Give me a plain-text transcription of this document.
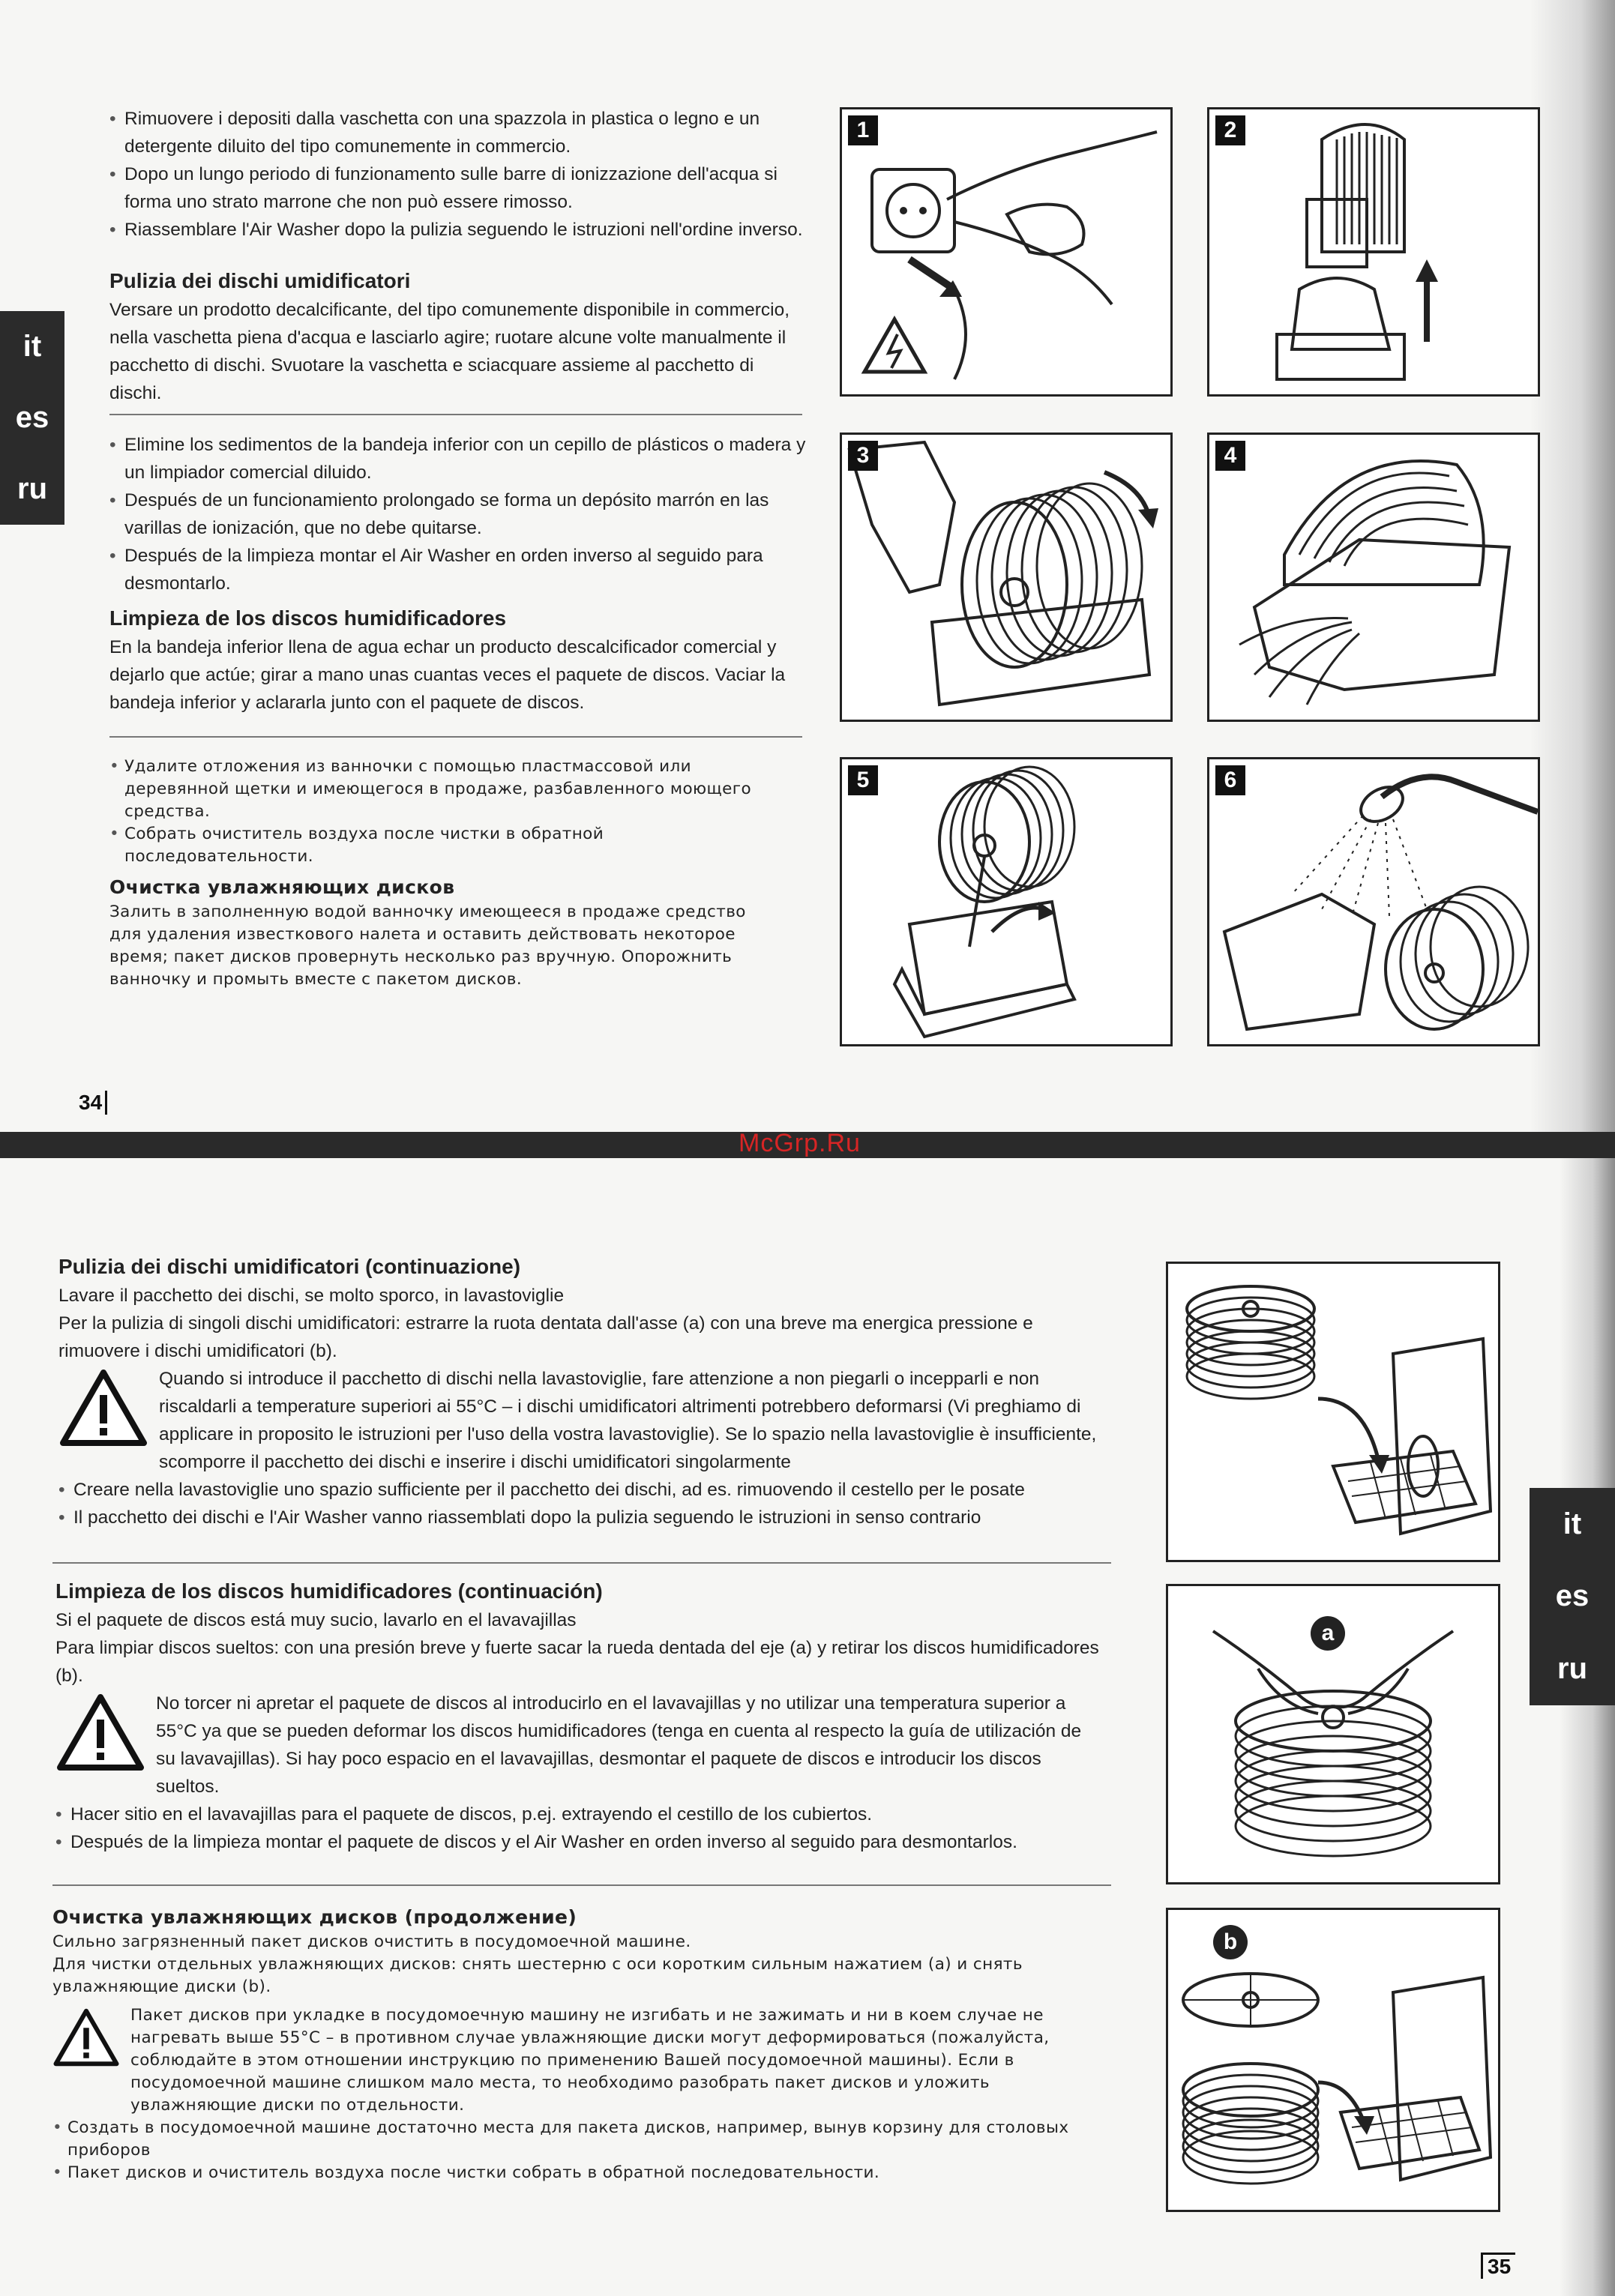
it
es
ru

• Rimuovere i depositi dalla vaschetta con una spazzola in plastica o legno e un detergente diluito del tipo comunemente in commercio.

• Dopo un lungo periodo di funzionamento sulle barre di ionizzazione dell'acqua si forma uno strato marrone che non può essere rimosso.

• Riassemblare l'Air Washer dopo la pulizia seguendo le istruzioni nell'ordine inverso.

Pulizia dei dischi umidificatori

Versare un prodotto decalcificante, del tipo comunemente disponibile in commercio, nella vaschetta piena d'acqua e lasciarlo agire; ruotare alcune volte manualmente il pacchetto di dischi. Svuotare la vaschetta e sciacquare assieme al pacchetto di dischi.

• Elimine los sedimentos de la bandeja inferior con un cepillo de plásticos o madera y un limpiador comercial diluido.

• Después de un funcionamiento prolongado se forma un depósito marrón en las varillas de ionización, que no debe quitarse.

• Después de la limpieza montar el Air Washer en orden inverso al seguido para desmontarlo.

Limpieza de los discos humidificadores

En la bandeja inferior llena de agua echar un producto descalcificador comercial y dejarlo que actúe; girar a mano unas cuantas veces el paquete de discos. Vaciar la bandeja inferior y aclararla junto con el paquete de discos.

• Удалите отложения из ванночки с помощью пластмассовой или деревянной щетки и имеющегося в продаже, разбавленного моющего средства.

• Собрать очиститель воздуха после чистки в обратной последовательности.

Очистка увлажняющих дисков

Залить в заполненную водой ванночку имеющееся в продаже средство для удаления известкового налета и оставить действовать некоторое время; пакет дисков провернуть несколько раз вручную. Опорожнить ванночку и промыть вместе с пакетом дисков.

1	2
3	4
5	6
34
McGrp.Ru
it
es
ru
Pulizia dei dischi umidificatori (continuazione)

Lavare il pacchetto dei dischi, se molto sporco, in lavastoviglie

Per la pulizia di singoli dischi umidificatori: estrarre la ruota dentata dall'asse (a) con una breve ma energica pressione e rimuovere i dischi umidificatori (b).

Quando si introduce il pacchetto di dischi nella lavastoviglie, fare attenzione a non piegarli o incepparli e non riscaldarli a temperature superiori ai 55°C – i dischi umidificatori altrimenti potrebbero deformarsi (Vi preghiamo di applicare in proposito le istruzioni per l'uso della vostra lavastoviglie). Se lo spazio nella lavastoviglie è insufficiente, scomporre il pacchetto dei dischi e inserire i dischi umidificatori singolarmente

• Creare nella lavastoviglie uno spazio sufficiente per il pacchetto dei dischi, ad es. rimuovendo il cestello per le posate

• Il pacchetto dei dischi e l'Air Washer vanno riassemblati dopo la pulizia seguendo le istruzioni in senso contrario

Limpieza de los discos humidificadores (continuación)

Si el paquete de discos está muy sucio, lavarlo en el lavavajillas

Para limpiar discos sueltos: con una presión breve y fuerte sacar la rueda dentada del eje (a) y retirar los discos humidificadores (b).

No torcer ni apretar el paquete de discos al introducirlo en el lavavajillas y no utilizar una temperatura superior a 55°C ya que se pueden deformar los discos humidificadores (tenga en cuenta al respecto la guía de utilización de su lavavajillas). Si hay poco espacio en el lavavajillas, desmontar el paquete de discos e introducir los discos sueltos.

• Hacer sitio en el lavavajillas para el paquete de discos, p.ej. extrayendo el cestillo de los cubiertos.

• Después de la limpieza montar el paquete de discos y el Air Washer en orden inverso al seguido para desmontarlos.

Очистка увлажняющих дисков (продолжение)

Сильно загрязненный пакет дисков очистить в посудомоечной машине.

Для чистки отдельных увлажняющих дисков: снять шестерню с оси коротким сильным нажатием (а) и снять увлажняющие диски (b).

Пакет дисков при укладке в посудомоечную машину не изгибать и не зажимать и ни в коем случае не нагревать выше 55°C – в противном случае увлажняющие диски могут деформироваться (пожалуйста, соблюдайте в этом отношении инструкцию по применению Вашей посудомоечной машины). Если в посудомоечной машине слишком мало места, то необходимо разобрать пакет дисков и уложить увлажняющие диски по отдельности.

• Создать в посудомоечной машине достаточно места для пакета дисков, например, вынув корзину для столовых приборов

• Пакет дисков и очиститель воздуха после чистки собрать в обратной последовательности.

a
b
35
